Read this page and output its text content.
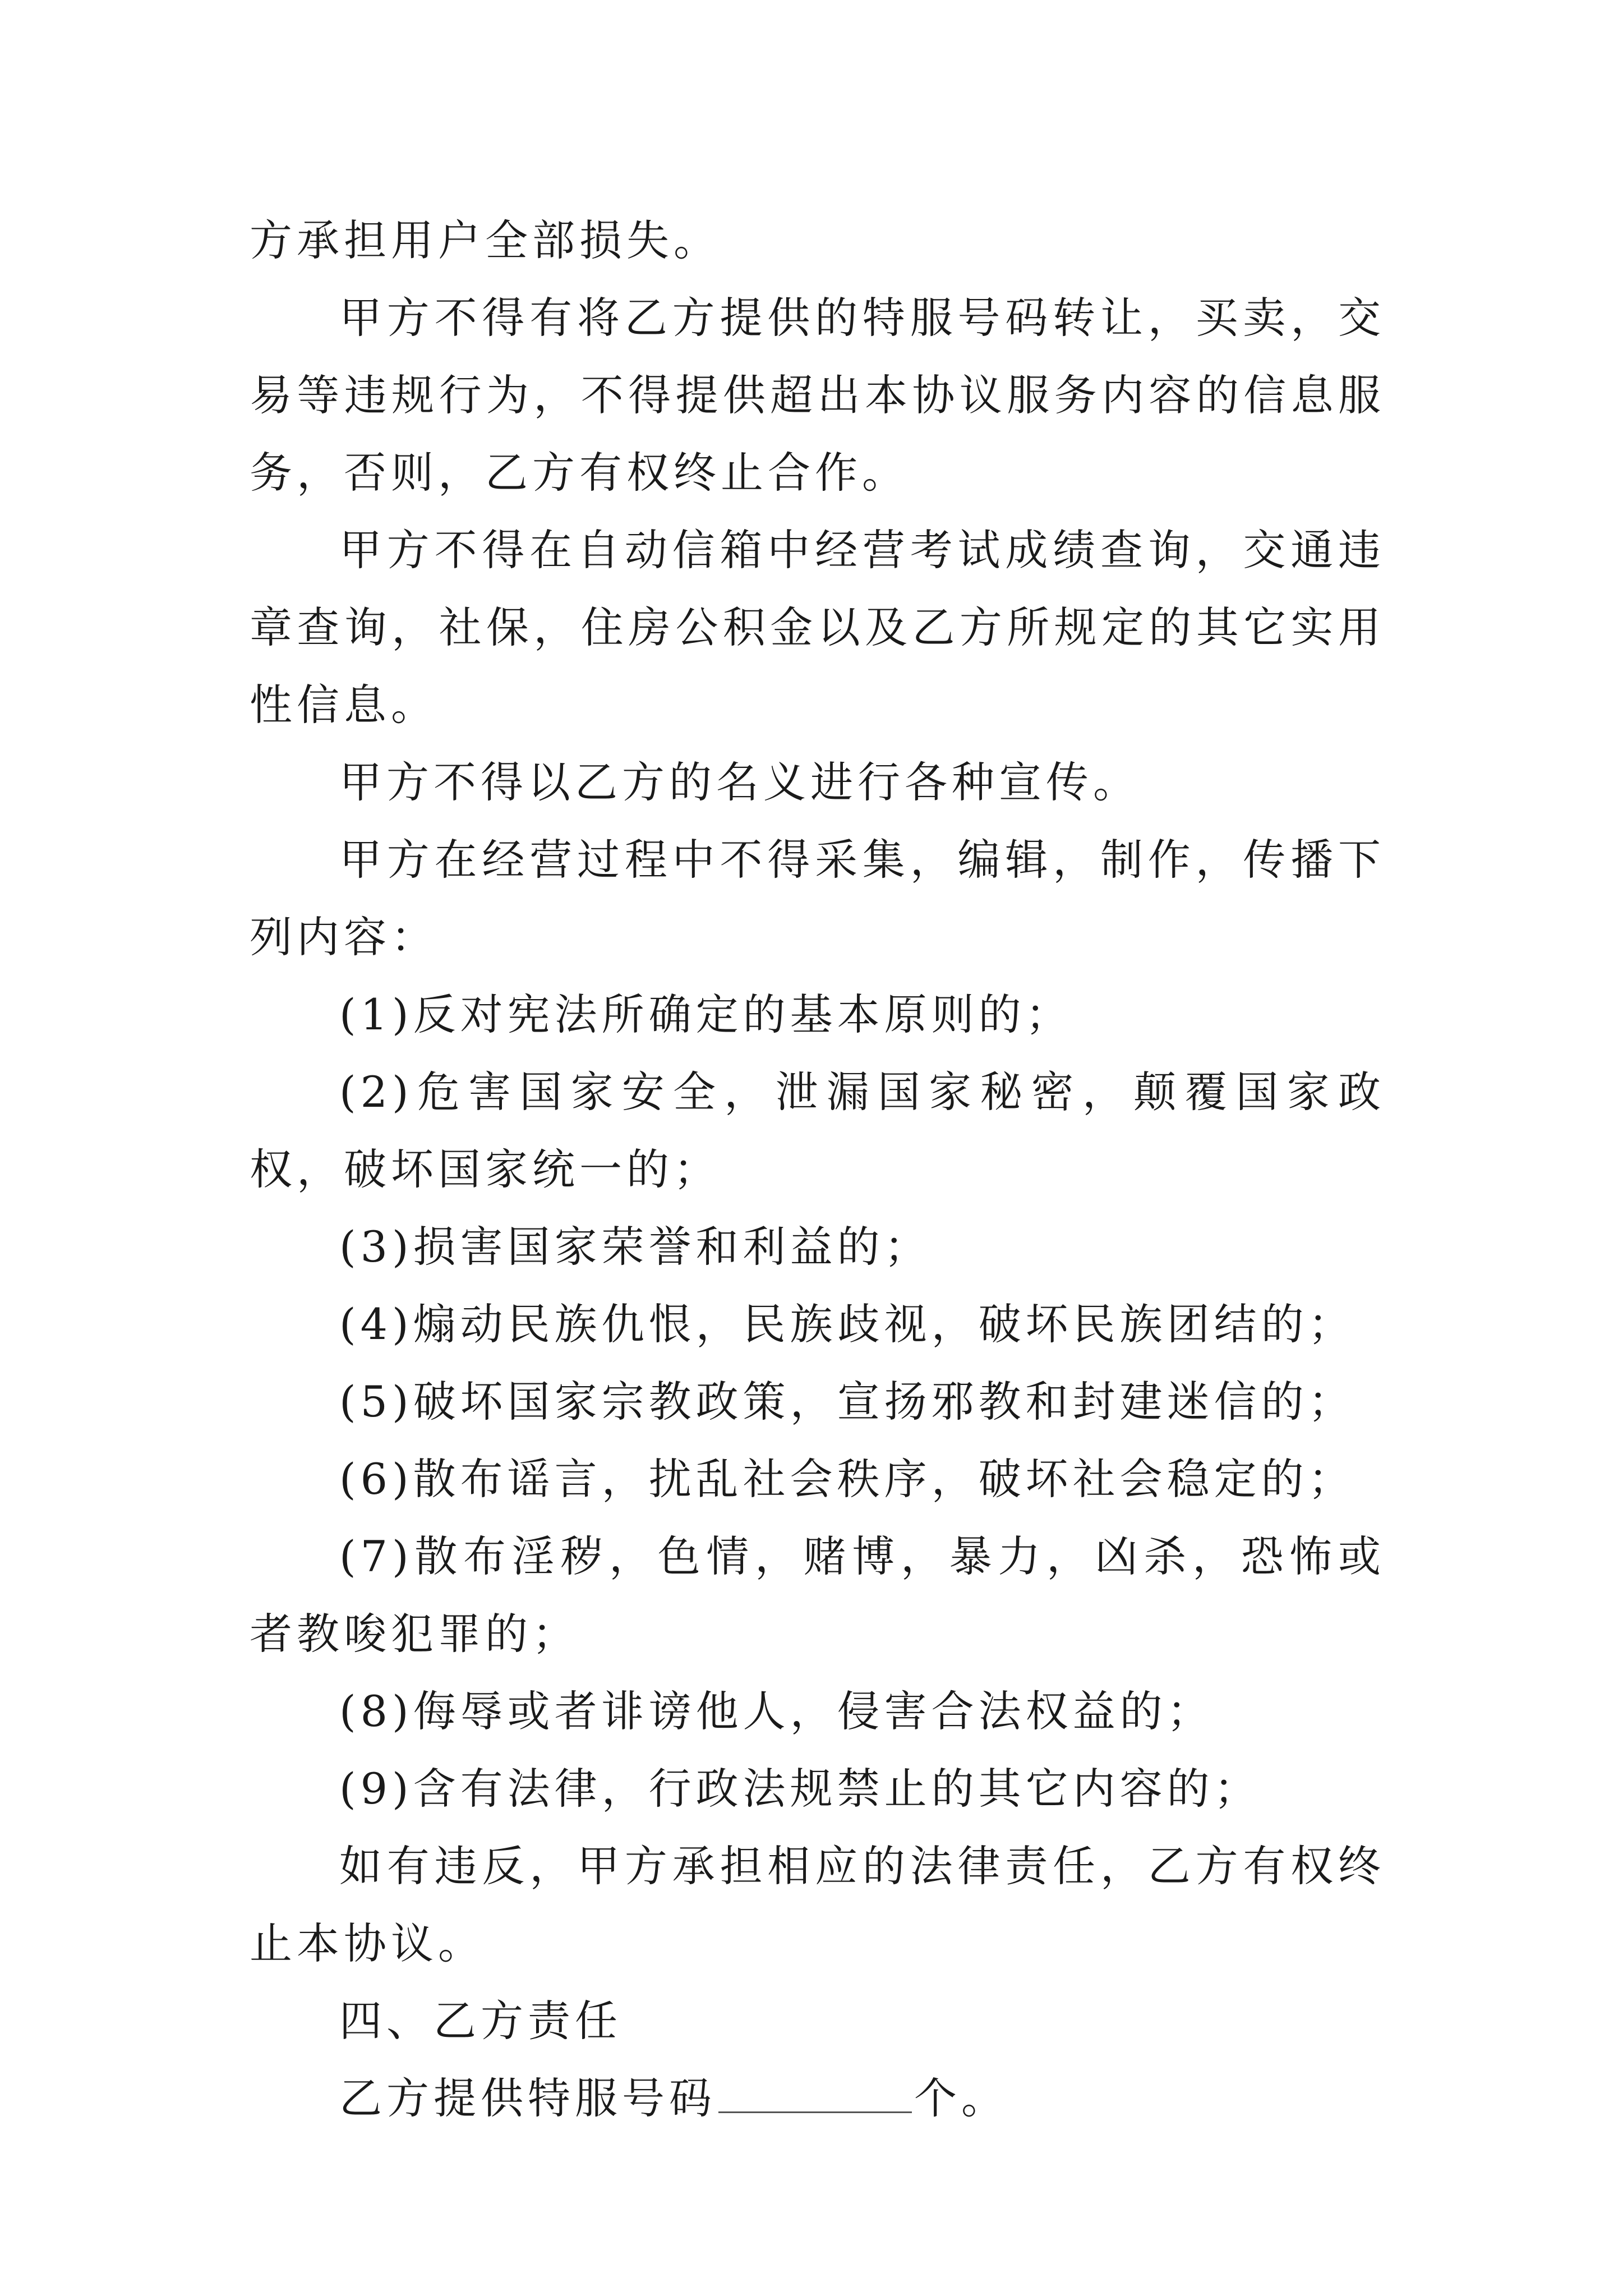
方承担用户全部损失。

甲方不得有将乙方提供的特服号码转让，买卖，交易等违规行为，不得提供超出本协议服务内容的信息服务，否则，乙方有权终止合作。

甲方不得在自动信箱中经营考试成绩查询，交通违章查询，社保，住房公积金以及乙方所规定的其它实用性信息。

甲方不得以乙方的名义进行各种宣传。

甲方在经营过程中不得采集，编辑，制作，传播下列内容：

(1)反对宪法所确定的基本原则的；

(2)危害国家安全，泄漏国家秘密，颠覆国家政权，破坏国家统一的；

(3)损害国家荣誉和利益的；

(4)煽动民族仇恨，民族歧视，破坏民族团结的；

(5)破坏国家宗教政策，宣扬邪教和封建迷信的；

(6)散布谣言，扰乱社会秩序，破坏社会稳定的；

(7)散布淫秽，色情，赌博，暴力，凶杀，恐怖或者教唆犯罪的；

(8)侮辱或者诽谤他人，侵害合法权益的；

(9)含有法律，行政法规禁止的其它内容的；

如有违反，甲方承担相应的法律责任，乙方有权终止本协议。

四、乙方责任

乙方提供特服号码	个。
